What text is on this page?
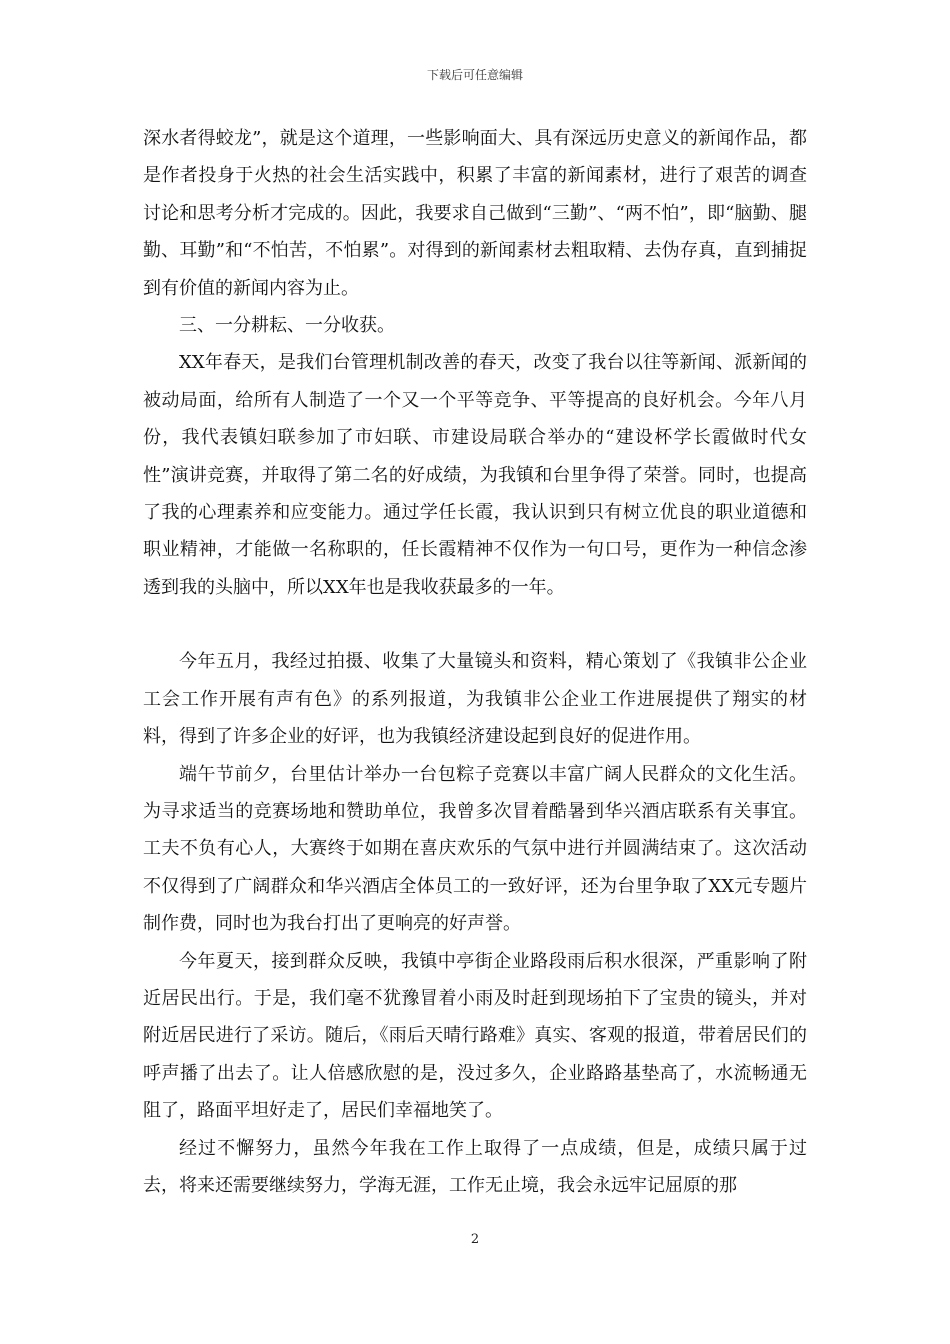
下载后可任意编辑

深水者得蛟龙”，就是这个道理，一些影响面大、具有深远历史意义的新闻作品，都是作者投身于火热的社会生活实践中，积累了丰富的新闻素材，进行了艰苦的调查讨论和思考分析才完成的。因此，我要求自己做到“三勤”、“两不怕”，即“脑勤、腿勤、耳勤”和“不怕苦，不怕累”。对得到的新闻素材去粗取精、去伪存真，直到捕捉到有价值的新闻内容为止。

三、一分耕耘、一分收获。

XX年春天，是我们台管理机制改善的春天，改变了我台以往等新闻、派新闻的被动局面，给所有人制造了一个又一个平等竞争、平等提高的良好机会。今年八月份，我代表镇妇联参加了市妇联、市建设局联合举办的“建设杯学长霞做时代女性”演讲竞赛，并取得了第二名的好成绩，为我镇和台里争得了荣誉。同时，也提高了我的心理素养和应变能力。通过学任长霞，我认识到只有树立优良的职业道德和职业精神，才能做一名称职的，任长霞精神不仅作为一句口号，更作为一种信念渗透到我的头脑中，所以XX年也是我收获最多的一年。

今年五月，我经过拍摄、收集了大量镜头和资料，精心策划了《我镇非公企业工会工作开展有声有色》的系列报道，为我镇非公企业工作进展提供了翔实的材料，得到了许多企业的好评，也为我镇经济建设起到良好的促进作用。

端午节前夕，台里估计举办一台包粽子竞赛以丰富广阔人民群众的文化生活。为寻求适当的竞赛场地和赞助单位，我曾多次冒着酷暑到华兴酒店联系有关事宜。工夫不负有心人，大赛终于如期在喜庆欢乐的气氛中进行并圆满结束了。这次活动不仅得到了广阔群众和华兴酒店全体员工的一致好评，还为台里争取了XX元专题片制作费，同时也为我台打出了更响亮的好声誉。

今年夏天，接到群众反映，我镇中亭街企业路段雨后积水很深，严重影响了附近居民出行。于是，我们毫不犹豫冒着小雨及时赶到现场拍下了宝贵的镜头，并对附近居民进行了采访。随后，《雨后天晴行路难》真实、客观的报道，带着居民们的呼声播了出去了。让人倍感欣慰的是，没过多久，企业路路基垫高了，水流畅通无阻了，路面平坦好走了，居民们幸福地笑了。

经过不懈努力，虽然今年我在工作上取得了一点成绩，但是，成绩只属于过去，将来还需要继续努力，学海无涯，工作无止境，我会永远牢记屈原的那

2
